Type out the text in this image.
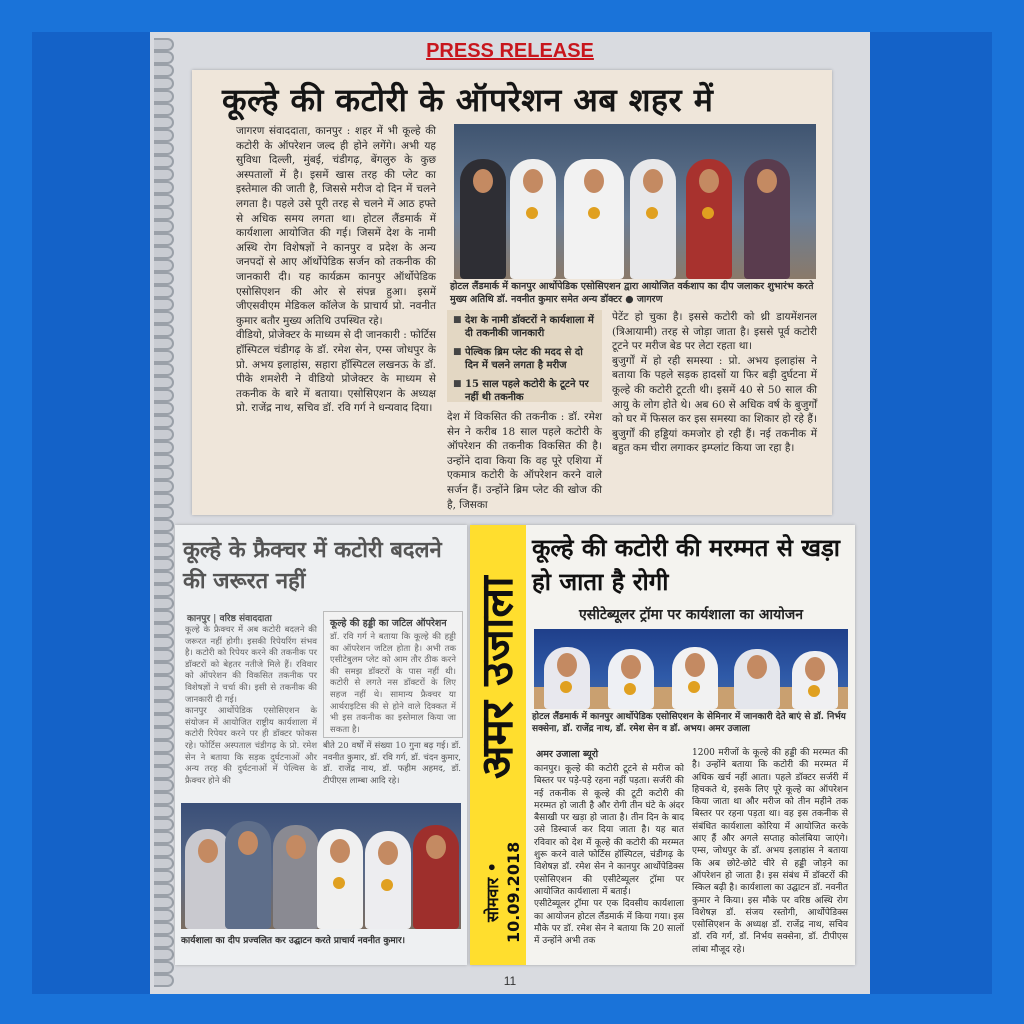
PRESS RELEASE
कूल्हे की कटोरी के ऑपरेशन अब शहर में
जागरण संवाददाता, कानपुर : शहर में भी कूल्हे की कटोरी के ऑपरेशन जल्द ही होने लगेंगे। अभी यह सुविधा दिल्ली, मुंबई, चंडीगढ़, बेंगलुरु के कुछ अस्पतालों में है। इसमें खास तरह की प्लेट का इस्तेमाल की जाती है, जिससे मरीज दो दिन में चलने लगता है। पहले उसे पूरी तरह से चलने में आठ हफ्ते से अधिक समय लगता था। होटल लैंडमार्क में कार्यशाला आयोजित की गई। जिसमें देश के नामी अस्थि रोग विशेषज्ञों ने कानपुर व प्रदेश के अन्य जनपदों से आए ऑर्थोपेडिक सर्जन को तकनीक की जानकारी दी। यह कार्यक्रम कानपुर ऑर्थोपेडिक एसोसिएशन की ओर से संपन्न हुआ। इसमें जीएसवीएम मेडिकल कॉलेज के प्राचार्य प्रो. नवनीत कुमार बतौर मुख्य अतिथि उपस्थित रहे।
वीडियो, प्रोजेक्टर के माध्यम से दी जानकारी : फोर्टिस हॉस्पिटल चंडीगढ़ के डॉ. रमेश सेन, एम्स जोधपुर के प्रो. अभय इलाहांस, सहारा हॉस्पिटल लखनऊ के डॉ. पीके शमशेरी ने वीडियो प्रोजेक्टर के माध्यम से तकनीक के बारे में बताया। एसोसिएशन के अध्यक्ष प्रो. राजेंद्र नाथ, सचिव डॉ. रवि गर्ग ने धन्यवाद दिया।
होटल लैंडमार्क में कानपुर आर्थोपेडिक एसोसिएशन द्वारा आयोजित वर्कशाप का दीप जलाकर शुभारंभ करते मुख्य अतिथि डॉ. नवनीत कुमार समेत अन्य डॉक्टर ● जागरण
■ देश के नामी डॉक्टरों ने कार्यशाला में दी तकनीकी जानकारी
■ पेल्विक ब्रिम प्लेट की मदद से दो दिन में चलने लगता है मरीज
■ 15 साल पहले कटोरी के टूटने पर नहीं थी तकनीक
देश में विकसित की तकनीक : डॉ. रमेश सेन ने करीब 18 साल पहले कटोरी के ऑपरेशन की तकनीक विकसित की है। उन्होंने दावा किया कि वह पूरे एशिया में एकमात्र कटोरी के ऑपरेशन करने वाले सर्जन हैं। उन्होंने ब्रिम प्लेट की खोज की है, जिसका
पेटेंट हो चुका है। इससे कटोरी को थ्री डायमेंशनल (त्रिआयामी) तरह से जोड़ा जाता है। इससे पूर्व कटोरी टूटने पर मरीज बेड पर लेटा रहता था।
बुजुर्गों में हो रही समस्या : प्रो. अभय इलाहांस ने बताया कि पहले सड़क हादसों या फिर बड़ी दुर्घटना में कूल्हे की कटोरी टूटती थी। इसमें 40 से 50 साल की आयु के लोग होते थे। अब 60 से अधिक वर्ष के बुजुर्गों को घर में फिसल कर इस समस्या का शिकार हो रहे हैं। बुजुर्गों की हड्डियां कमजोर हो रही हैं। नई तकनीक में बहुत कम चीरा लगाकर इम्प्लांट किया जा रहा है।
कूल्हे के फ्रैक्चर में कटोरी बदलने की जरूरत नहीं
कानपुर | वरिष्ठ संवाददाता
कूल्हे के फ्रैक्चर में अब कटोरी बदलने की जरूरत नहीं होगी। इसकी रिपेयरिंग संभव है। कटोरी को रिपेयर करने की तकनीक पर डॉक्टरों को बेहतर नतीजे मिले हैं। रविवार को ऑपरेशन की विकसित तकनीक पर विशेषज्ञों ने चर्चा की। इसी से तकनीक की जानकारी दी गई।
कानपुर आर्थोपेडिक एसोसिएशन के संयोजन में आयोजित राष्ट्रीय कार्यशाला में कटोरी रिपेयर करने पर ही डॉक्टर फोकस रहे। फोर्टिस अस्पताल चंडीगढ़ के प्रो. रमेश सेन ने बताया कि सड़क दुर्घटनाओं और अन्य तरह की दुर्घटनाओं में पेल्विस के फ्रैक्चर होने की
कूल्हे की हड्डी का जटिल ऑपरेशन
डॉ. रवि गर्ग ने बताया कि कूल्हे की हड्डी का ऑपरेशन जटिल होता है। अभी तक एसीटेबुलम प्लेट को आम तौर ठीक करने की समझ डॉक्टरों के पास नहीं थी। कटोरी से लगते नस डॉक्टरों के लिए सहज नहीं थे। सामान्य फ्रैक्चर या आर्थराइटिस की से होने वाले दिक्कत में भी इस तकनीक का इस्तेमाल किया जा सकता है।
बीते 20 वर्षों में संख्या 10 गुना बढ़ गई। डॉ. नवनीत कुमार, डॉ. रवि गर्ग, डॉ. चंदन कुमार, डॉ. राजेंद्र नाथ, डॉ. फहीम अहमद, डॉ. टीपीएस लाम्बा आदि रहे।
कार्यशाला का दीप प्रज्वलित कर उद्घाटन करते प्राचार्य नवनीत कुमार।
अमर उजाला
सोमवार • 10.09.2018
कूल्हे की कटोरी की मरम्मत से खड़ा हो जाता है रोगी
एसीटेब्यूलर ट्रॉमा पर कार्यशाला का आयोजन
होटल लैंडमार्क में कानपुर आर्थोपेडिक एसोसिएशन के सेमिनार में जानकारी देते बाएं से डॉ. निर्भय सक्सेना, डॉ. राजेंद्र नाथ, डॉ. रमेश सेन व डॉ. अभय। अमर उजाला
अमर उजाला ब्यूरो
कानपुर। कूल्हे की कटोरी टूटने से मरीज को बिस्तर पर पड़े-पड़े रहना नहीं पड़ता। सर्जरी की नई तकनीक से कूल्हे की टूटी कटोरी की मरम्मत हो जाती है और रोगी तीन घंटे के अंदर बैसाखी पर खड़ा हो जाता है। तीन दिन के बाद उसे डिस्चार्ज कर दिया जाता है। यह बात रविवार को देश में कूल्हे की कटोरी की मरम्मत शुरू करने वाले फोर्टिस हॉस्पिटल, चंडीगढ़ के विशेषज्ञ डॉ. रमेश सेन ने कानपुर आर्थोपेडिक्स एसोसिएशन की एसीटेब्यूलर ट्रॉमा पर आयोजित कार्यशाला में बताई।
एसीटेब्यूलर ट्रॉमा पर एक दिवसीय कार्यशाला का आयोजन होटल लैंडमार्क में किया गया। इस मौके पर डॉ. रमेश सेन ने बताया कि 20 सालों में उन्होंने अभी तक
1200 मरीजों के कूल्हे की हड्डी की मरम्मत की है। उन्होंने बताया कि कटोरी की मरम्मत में अधिक खर्च नहीं आता। पहले डॉक्टर सर्जरी में हिचकते थे, इसके लिए पूरे कूल्हे का ऑपरेशन किया जाता था और मरीज को तीन महीने तक बिस्तर पर रहना पड़ता था। वह इस तकनीक से संबंधित कार्यशाला कोरिया में आयोजित करके आए हैं और अगले सप्ताह कोलंबिया जाएंगे। एम्स, जोधपुर के डॉ. अभय इलाहांस ने बताया कि अब छोटे-छोटे चीरे से हड्डी जोड़ने का ऑपरेशन हो जाता है। इस संबंध में डॉक्टरों की स्किल बढ़ी है। कार्यशाला का उद्घाटन डॉ. नवनीत कुमार ने किया। इस मौके पर वरिष्ठ अस्थि रोग विशेषज्ञ डॉ. संजय रस्तोगी, आर्थोपेडिक्स एसोसिएशन के अध्यक्ष डॉ. राजेंद्र नाथ, सचिव डॉ. रवि गर्ग, डॉ. निर्भय सक्सेना, डॉ. टीपीएस लांबा मौजूद रहे।
11
